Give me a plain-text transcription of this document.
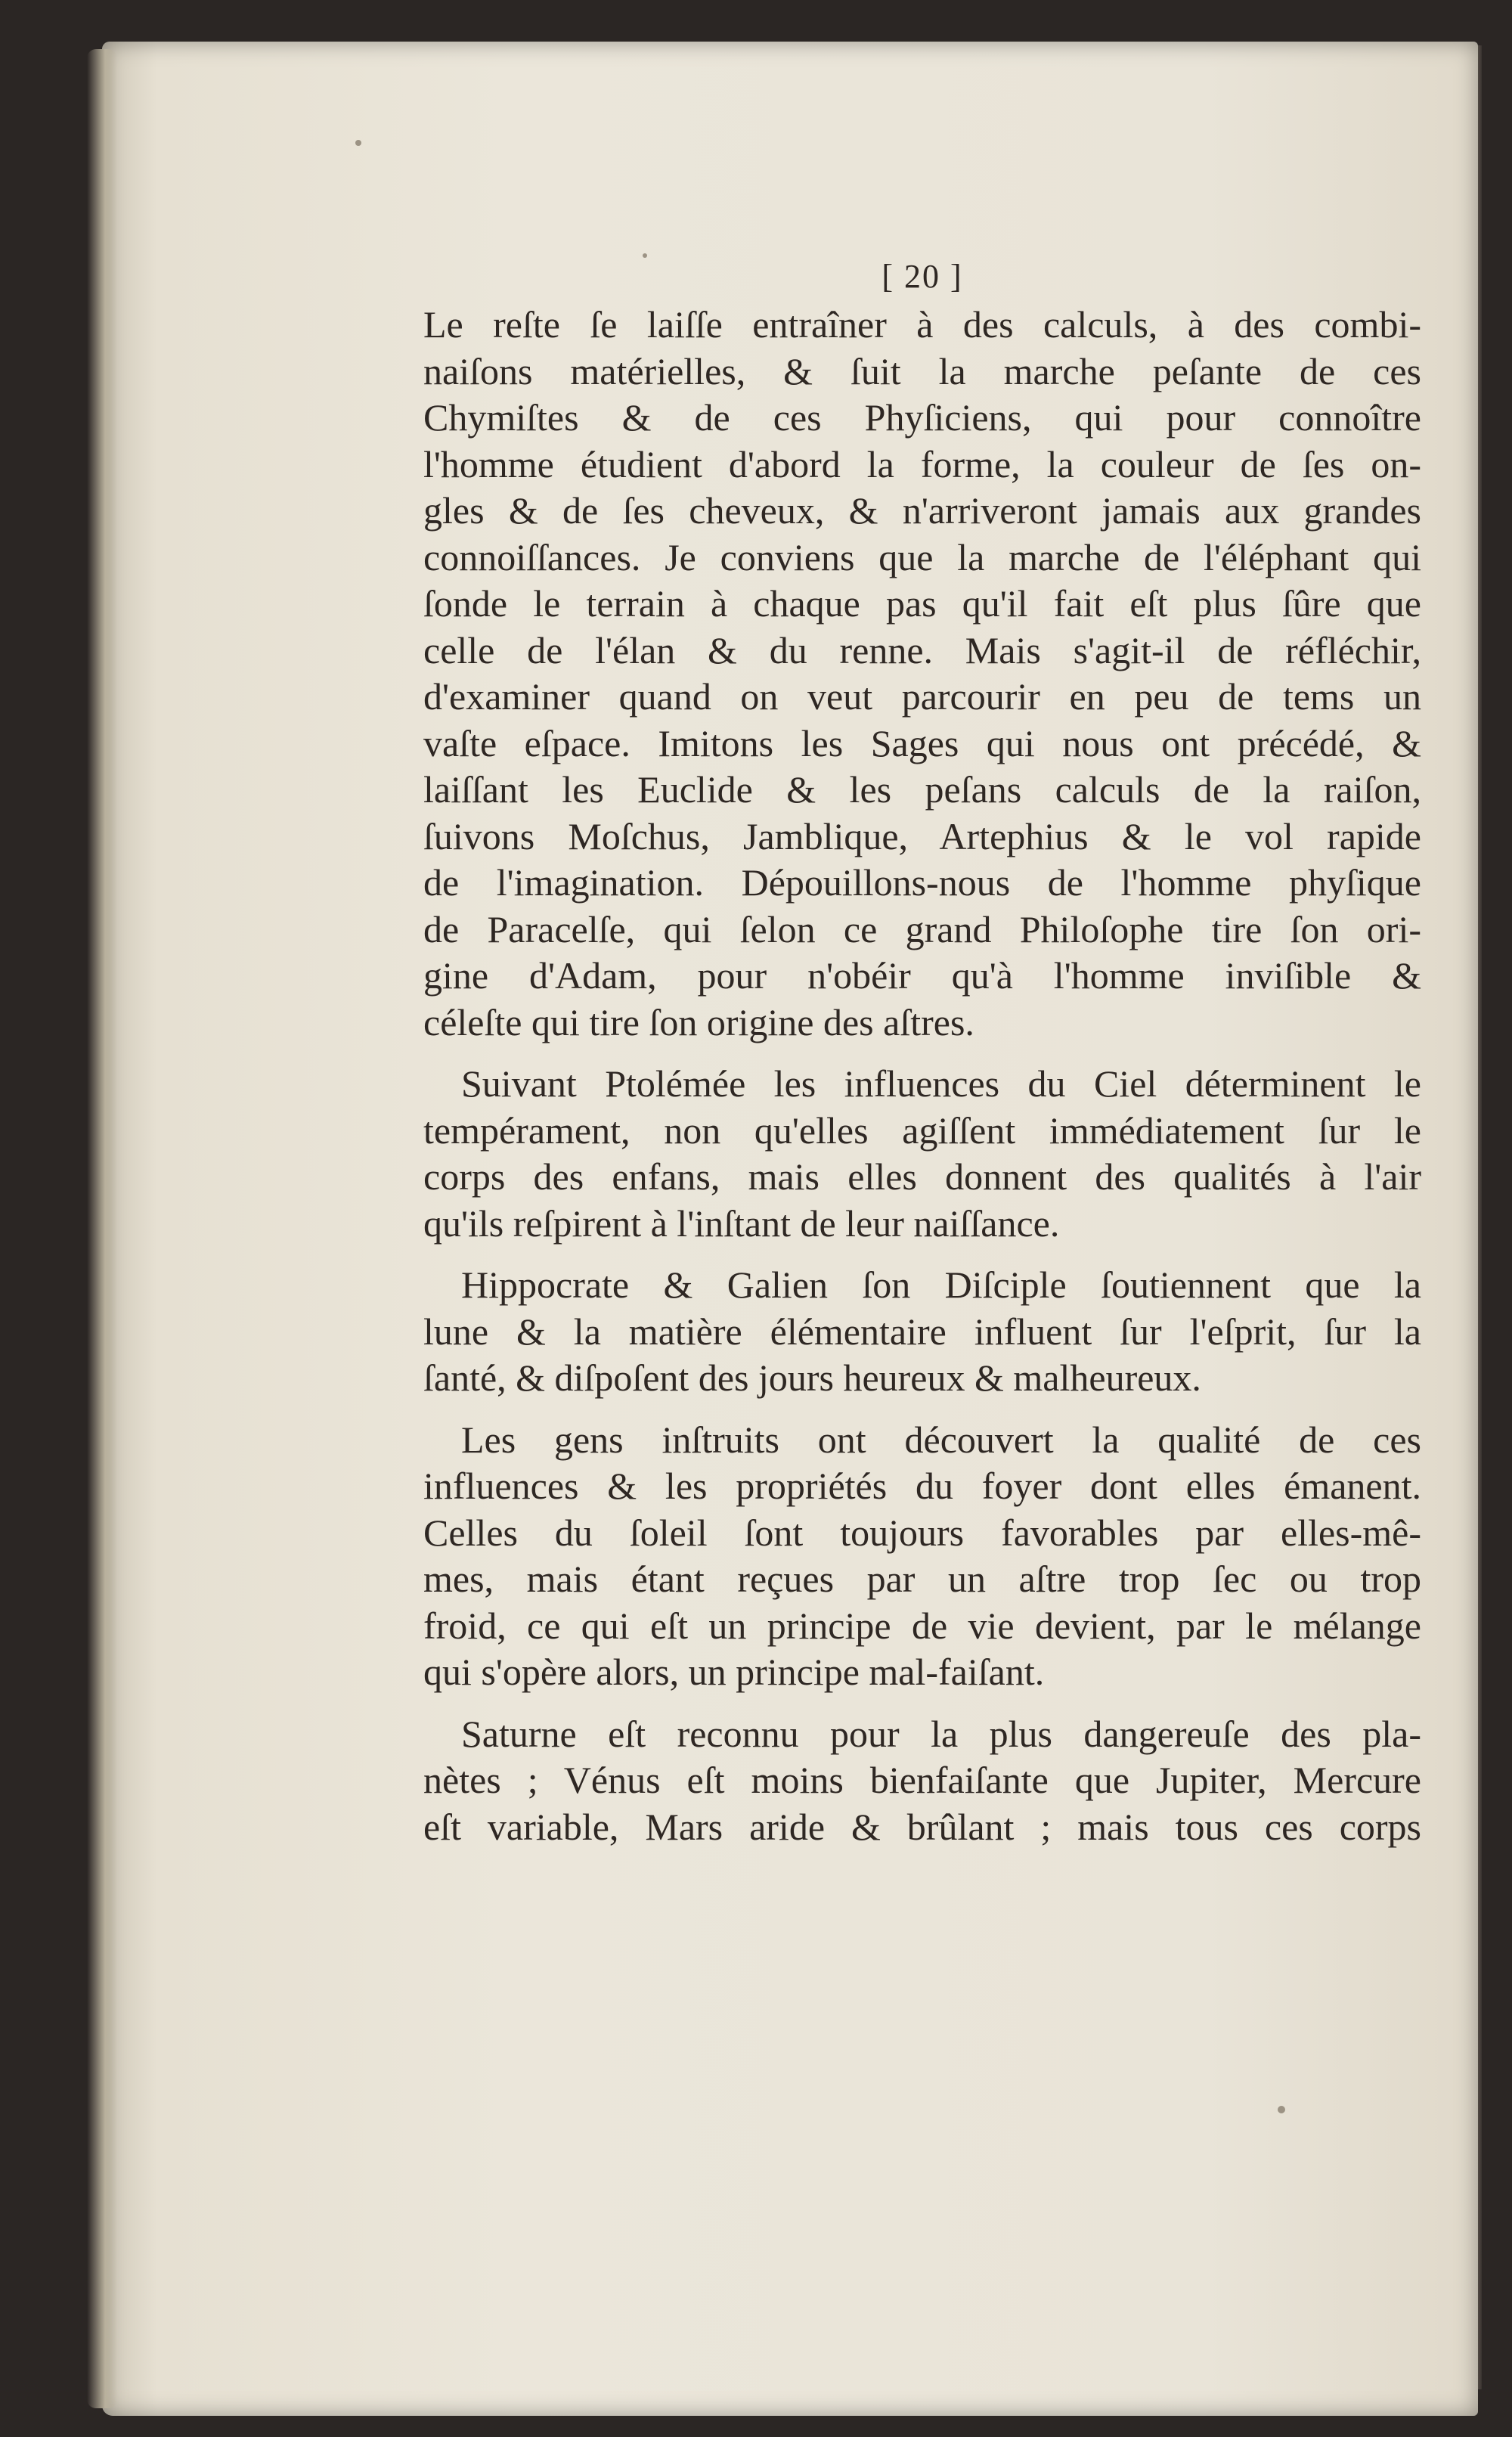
[ 20 ]

Le reſte ſe laiſſe entraîner à des calculs, à des combi-
naiſons matérielles, & ſuit la marche peſante de ces
Chymiſtes & de ces Phyſiciens, qui pour connoître
l'homme étudient d'abord la forme, la couleur de ſes on-
gles & de ſes cheveux, & n'arriveront jamais aux grandes
connoiſſances. Je conviens que la marche de l'éléphant qui
ſonde le terrain à chaque pas qu'il fait eſt plus ſûre que
celle de l'élan & du renne. Mais s'agit-il de réfléchir,
d'examiner quand on veut parcourir en peu de tems un
vaſte eſpace. Imitons les Sages qui nous ont précédé, &
laiſſant les Euclide & les peſans calculs de la raiſon,
ſuivons Moſchus, Jamblique, Artephius & le vol rapide
de l'imagination. Dépouillons-nous de l'homme phyſique
de Paracelſe, qui ſelon ce grand Philoſophe tire ſon ori-
gine d'Adam, pour n'obéir qu'à l'homme inviſible &
céleſte qui tire ſon origine des aſtres.

Suivant Ptolémée les influences du Ciel déterminent le
tempérament, non qu'elles agiſſent immédiatement ſur le
corps des enfans, mais elles donnent des qualités à l'air
qu'ils reſpirent à l'inſtant de leur naiſſance.

Hippocrate & Galien ſon Diſciple ſoutiennent que la
lune & la matière élémentaire influent ſur l'eſprit, ſur la
ſanté, & diſpoſent des jours heureux & malheureux.

Les gens inſtruits ont découvert la qualité de ces
influences & les propriétés du foyer dont elles émanent.
Celles du ſoleil ſont toujours favorables par elles-mê-
mes, mais étant reçues par un aſtre trop ſec ou trop
froid, ce qui eſt un principe de vie devient, par le mélange
qui s'opère alors, un principe mal-faiſant.

Saturne eſt reconnu pour la plus dangereuſe des pla-
nètes ; Vénus eſt moins bienfaiſante que Jupiter, Mercure
eſt variable, Mars aride & brûlant ; mais tous ces corps
